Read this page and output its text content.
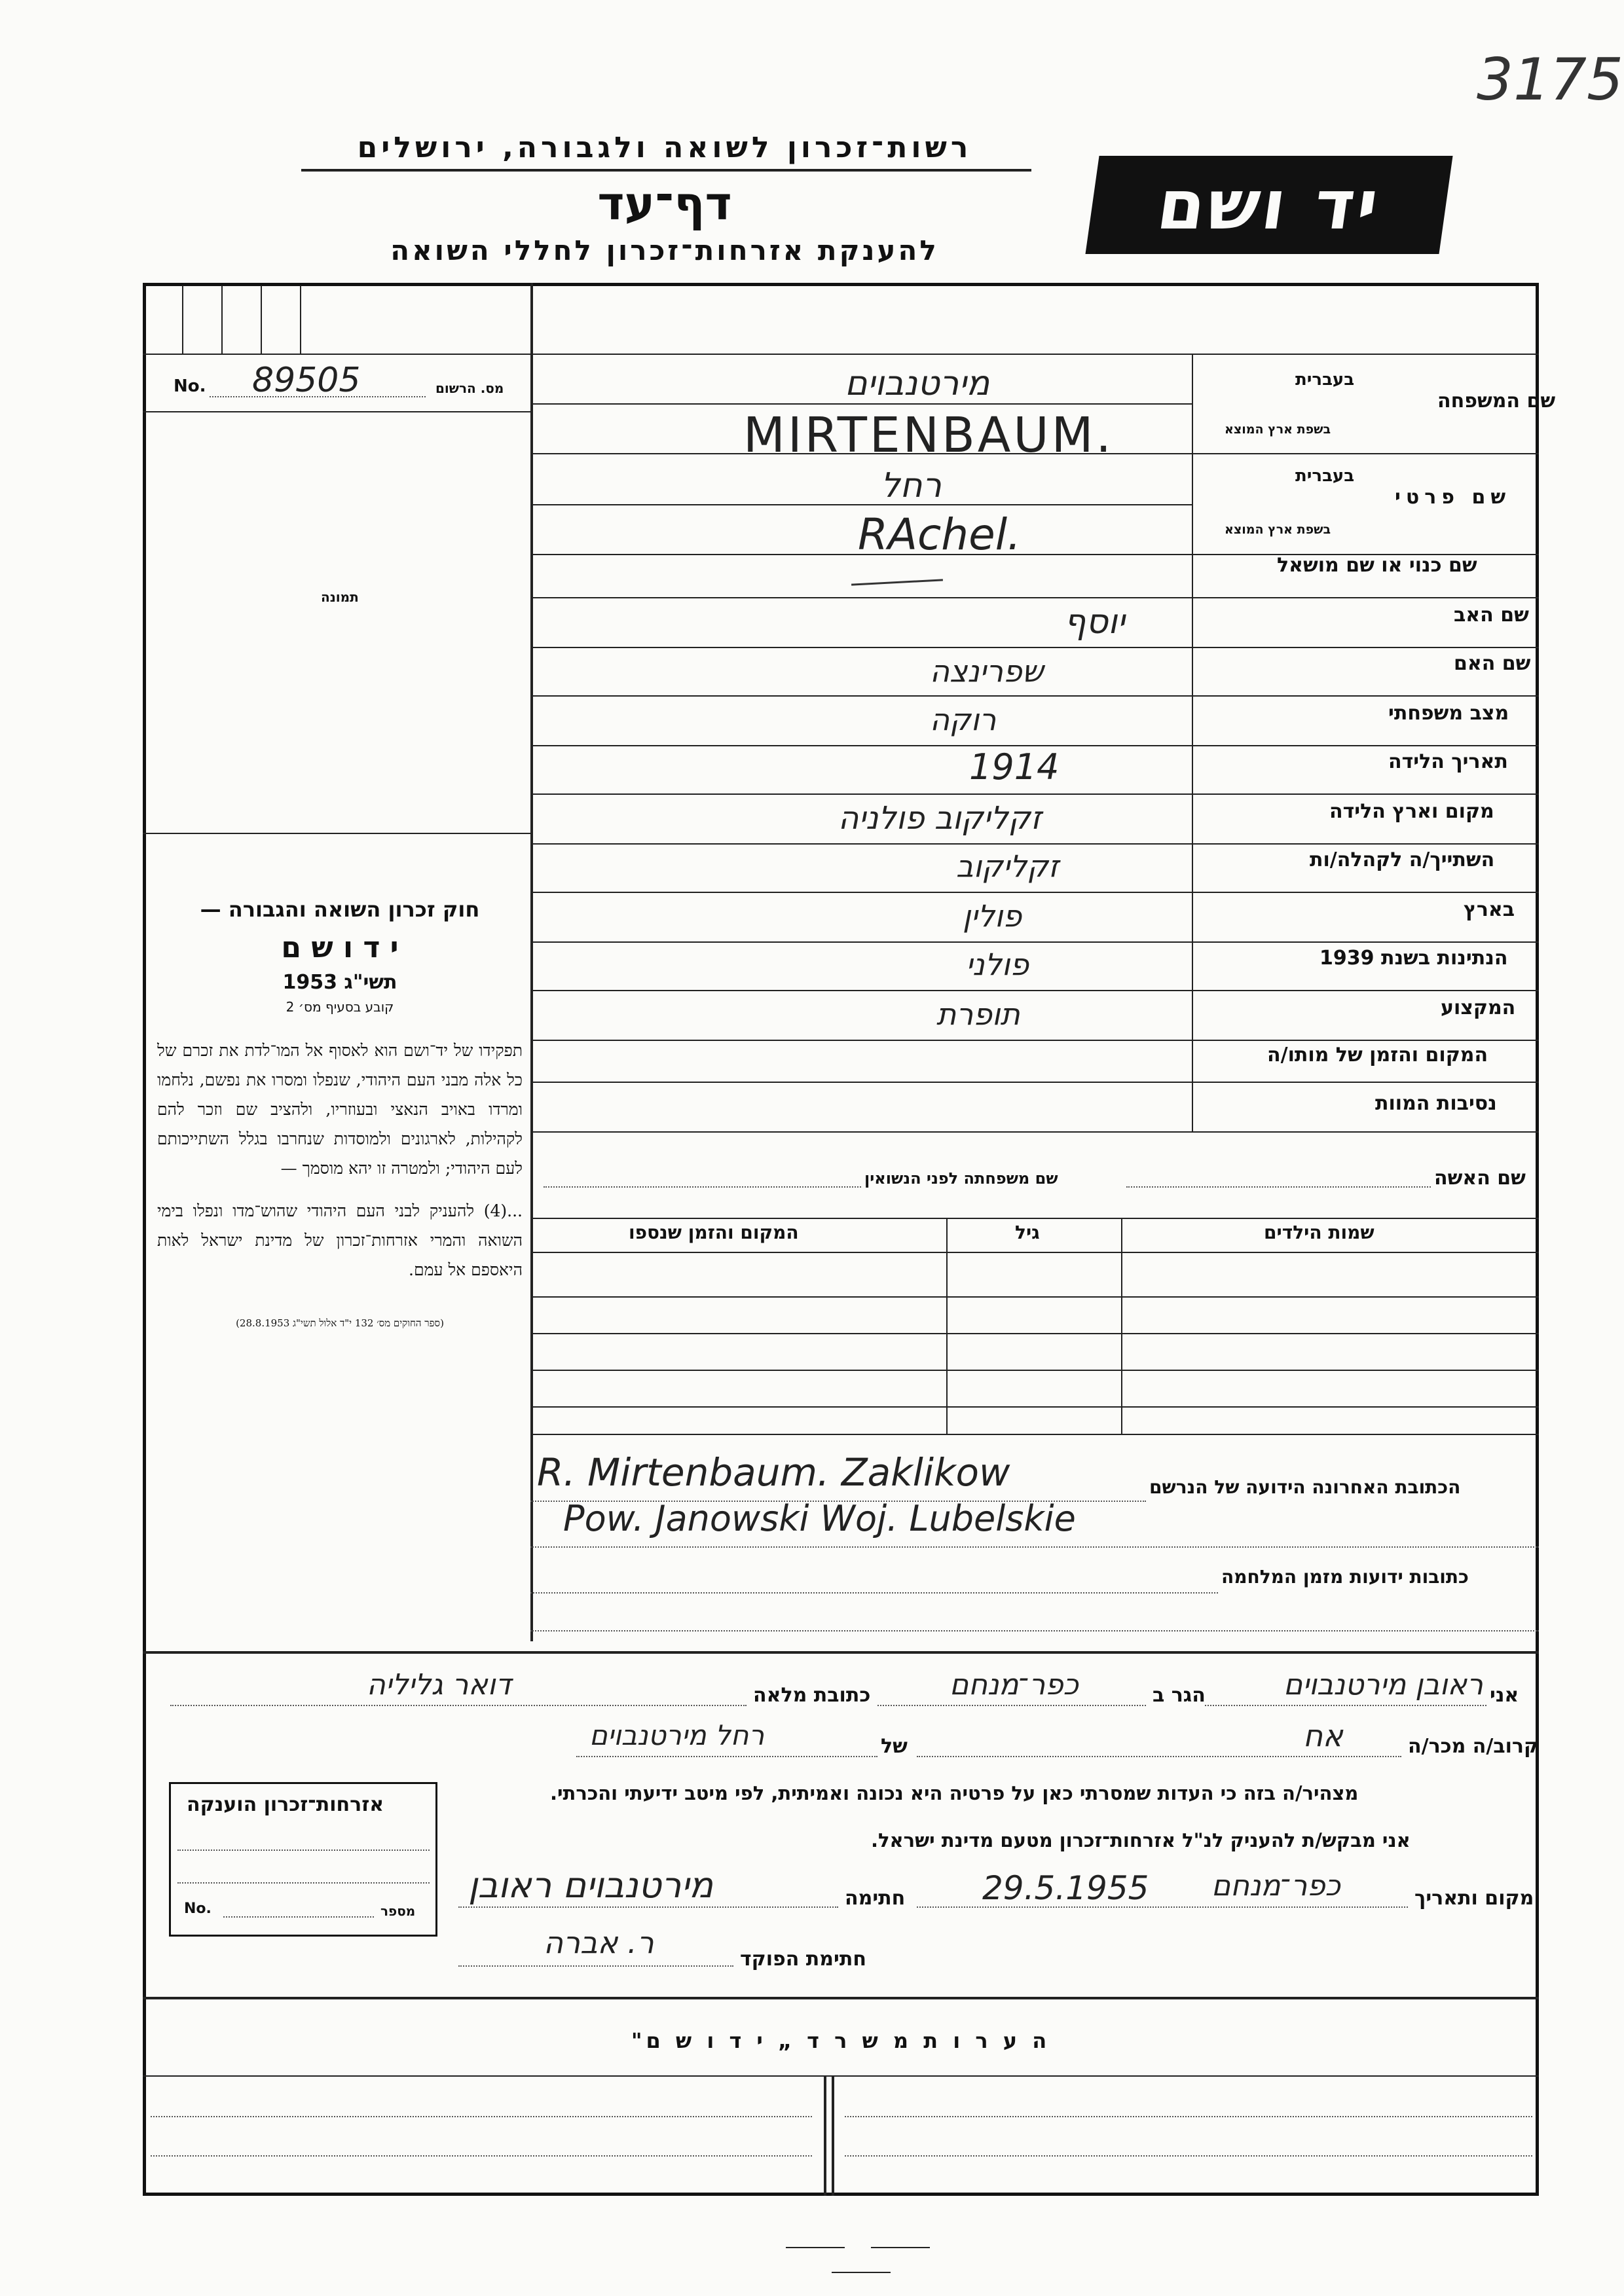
3175
רשות־זכרון לשואה ולגבורה, ירושלים
דף־עד
להענקת אזרחות־זכרון לחללי השואה
יד ושם
No. 89505	מס. הרשום
תמונה
חוק זכרון השואה והגבורה —
י ד ו ש ם
תשי"ג 1953
קובע בסעיף מס׳ 2
תפקידו של יד־ושם הוא לאסוף אל המו־לדת את זכרם של כל אלה מבני העם היהודי, שנפלו ומסרו את נפשם, נלחמו ומרדו באויב הנאצי ובעוזריו, ולהציב שם וזכר להם לקהילות, לארגונים ולמוסדות שנחרבו בגלל השתייכותם לעם היהודי; ולמטרה זו יהא מוסמך —
...(4) להעניק לבני העם היהודי שהוש־מדו ונפלו בימי השואה והמרי אזרחות־זכרון של מדינת ישראל לאות היאספם אל עמם.
(ספר החוקים מס׳ 132 י"ד אלול תשי"ג 28.8.1953)
שם המשפחה
בעברית
בשפת ארץ המוצא
שם פרטי
בעברית
בשפת ארץ המוצא
מירטנבוים
MIRTENBAUM.
רחל
RAchel.
שם כנוי או שם מושאל
שם האב
שם האם
מצב משפחתי
תאריך הלידה
מקום וארץ הלידה
השתייך/ה לקהלה/ות
בארץ
הנתינות בשנת 1939
המקצוע
המקום והזמן של מותו/ה
נסיבות המוות
יוסף
שפרינצה
רוקה
1914
זקליקוב פולניה
זקליקוב
פולין
פולני
תופרת
שם האשה
שם משפחתה לפני הנשואין
שמות הילדים
גיל
המקום והזמן שנספו
הכתובת האחרונה הידועה של הנרשם
R. Mirtenbaum. Zaklikow
Pow. Janowski Woj. Lubelskie
כתובות ידועות מזמן המלחמה
אני
ראובן מירטנבוים
הגר ב
כפר־מנחם
כתובת מלאה
דואר גליליה
קרוב/ה מכר/ה
אח
של
רחל מירטנבוים
מצהיר/ה בזה כי העדות שמסרתי כאן על פרטיה היא נכונה ואמיתית, לפי מיטב ידיעתי והכרתי.
אני מבקש/ת להעניק לנ"ל אזרחות־זכרון מטעם מדינת ישראל.
מקום ותאריך
כפר־מנחם
29.5.1955
חתימה
מירטנבוים ראובן
חתימת הפוקד
ר. אברה
אזרחות־זכרון הוענקה
No.	מספר
ה ע ר ו ת מ ש ר ד „ י ד ו ש ם"
